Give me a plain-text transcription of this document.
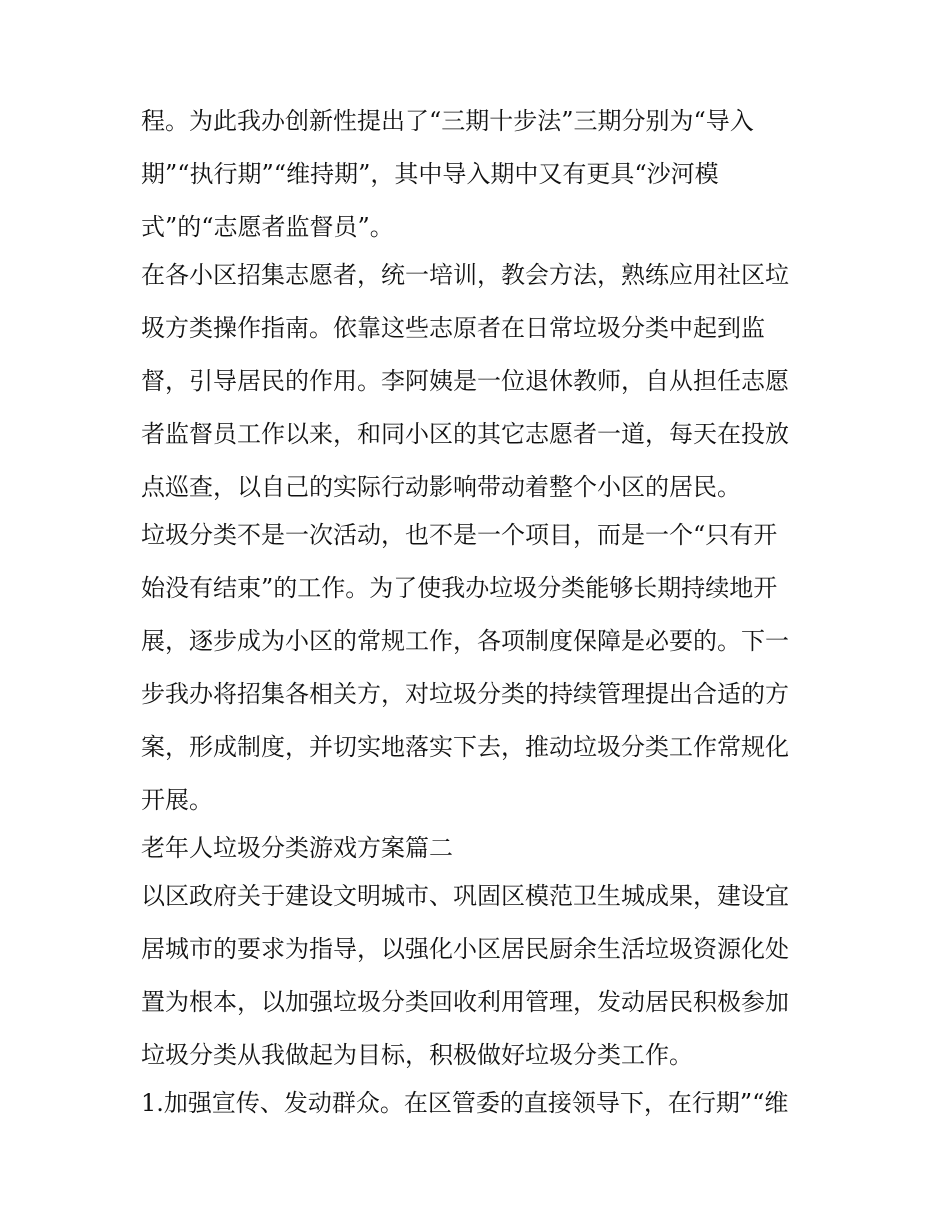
程。为此我办创新性提出了“三期十步法”三期分别为“导入

期”“执行期”“维持期”，其中导入期中又有更具“沙河模

式”的“志愿者监督员”。

在各小区招集志愿者，统一培训，教会方法，熟练应用社区垃

圾方类操作指南。依靠这些志原者在日常垃圾分类中起到监

督，引导居民的作用。李阿姨是一位退休教师，自从担任志愿

者监督员工作以来，和同小区的其它志愿者一道，每天在投放

点巡查，以自己的实际行动影响带动着整个小区的居民。

垃圾分类不是一次活动，也不是一个项目，而是一个“只有开

始没有结束”的工作。为了使我办垃圾分类能够长期持续地开

展，逐步成为小区的常规工作，各项制度保障是必要的。下一

步我办将招集各相关方，对垃圾分类的持续管理提出合适的方

案，形成制度，并切实地落实下去，推动垃圾分类工作常规化

开展。

老年人垃圾分类游戏方案篇二

以区政府关于建设文明城市、巩固区模范卫生城成果，建设宜

居城市的要求为指导，以强化小区居民厨余生活垃圾资源化处

置为根本，以加强垃圾分类回收利用管理，发动居民积极参加

垃圾分类从我做起为目标，积极做好垃圾分类工作。

1.加强宣传、发动群众。在区管委的直接领导下，在行期”“维
